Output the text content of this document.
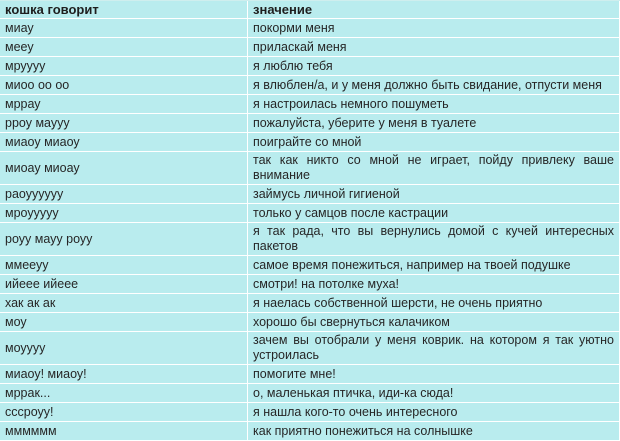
кошка говорит	значение
миау	покорми меня
мееу	приласкай меня
мруууу	я люблю тебя
миоо оо оо	я влюблен/а, и у меня должно быть свидание, отпусти меня
мррау	я настроилась немного пошуметь
рроу маууу	пожалуйста, уберите у меня в туалете
миаоу миаоу	поиграйте со мной
миоау миоау	так как никто со мной не играет, пойду привлеку ваше внимание
раоуууууу	займусь личной гигиеной
мроууууу	только у самцов после кастрации
роуу мауу роуу	я так рада, что вы вернулись домой с кучей интересных пакетов
ммееуу	самое время понежиться, например на твоей подушке
ийеее ийеее	смотри! на потолке муха!
хак ак ак	я наелась собственной шерсти, не очень приятно
моу	хорошо бы свернуться калачиком
моуууу	зачем вы отобрали у меня коврик. на котором я так уютно устроилась
миаоу! миаоу!	помогите мне!
мррак...	о, маленькая птичка, иди-ка сюда!
сссроуу!	я нашла кого-то очень интересного
мммммм	как приятно понежиться на солнышке
